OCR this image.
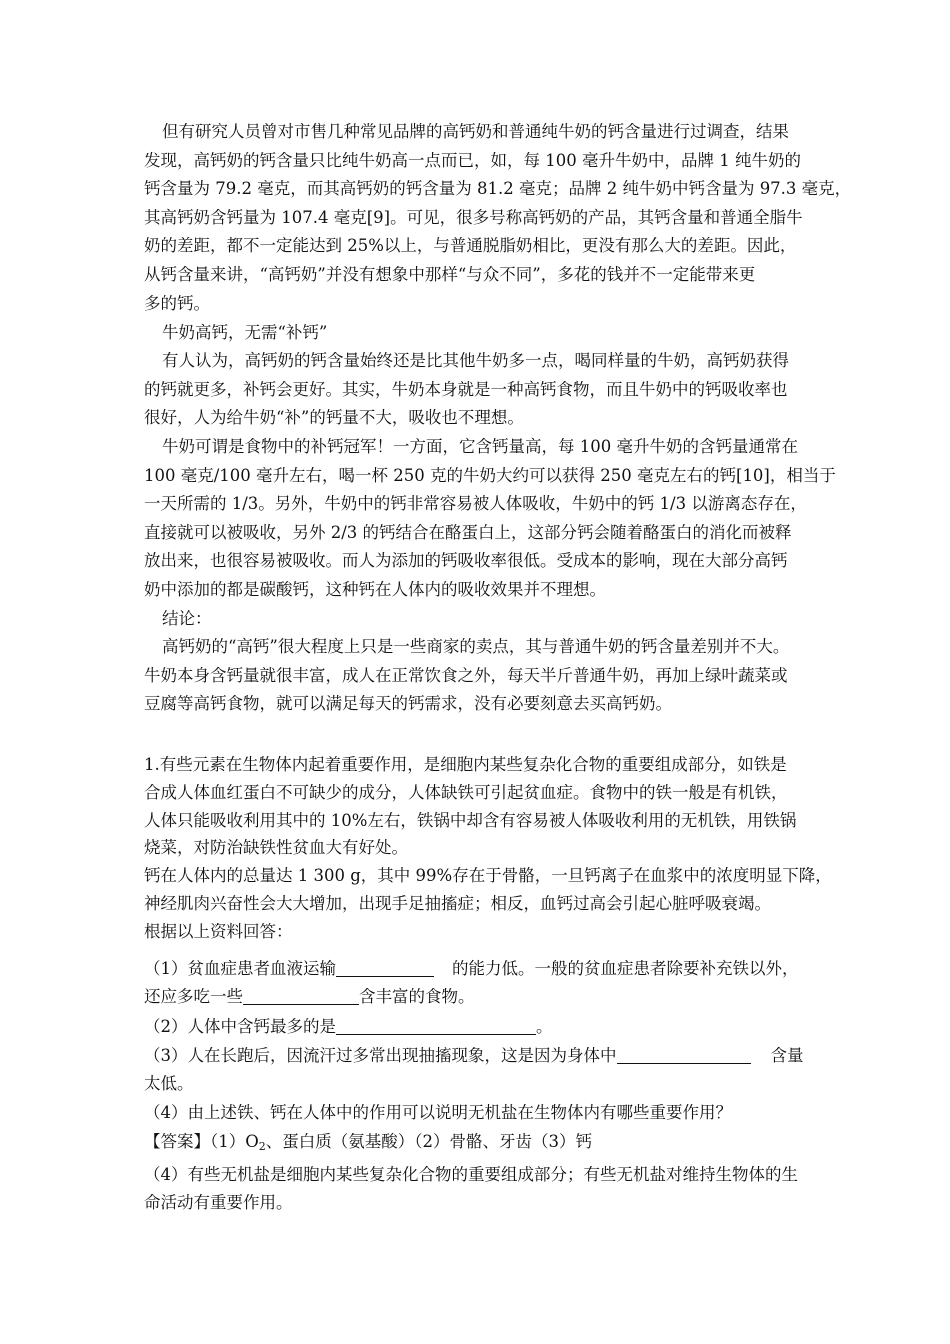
但有研究人员曾对市售几种常见品牌的高钙奶和普通纯牛奶的钙含量进行过调查，结果
发现，高钙奶的钙含量只比纯牛奶高一点而已，如，每 100 毫升牛奶中，品牌 1 纯牛奶的
钙含量为 79.2 毫克，而其高钙奶的钙含量为 81.2 毫克；品牌 2 纯牛奶中钙含量为 97.3 毫克，
其高钙奶含钙量为 107.4 毫克[9]。可见，很多号称高钙奶的产品，其钙含量和普通全脂牛
奶的差距，都不一定能达到 25%以上，与普通脱脂奶相比，更没有那么大的差距。因此，
从钙含量来讲，“高钙奶”并没有想象中那样“与众不同”，多花的钱并不一定能带来更
多的钙。
牛奶高钙，无需“补钙”
有人认为，高钙奶的钙含量始终还是比其他牛奶多一点，喝同样量的牛奶，高钙奶获得
的钙就更多，补钙会更好。其实，牛奶本身就是一种高钙食物，而且牛奶中的钙吸收率也
很好，人为给牛奶“补”的钙量不大，吸收也不理想。
牛奶可谓是食物中的补钙冠军！一方面，它含钙量高，每 100 毫升牛奶的含钙量通常在
100 毫克/100 毫升左右，喝一杯 250 克的牛奶大约可以获得 250 毫克左右的钙[10]，相当于
一天所需的 1/3。另外，牛奶中的钙非常容易被人体吸收，牛奶中的钙 1/3 以游离态存在，
直接就可以被吸收，另外 2/3 的钙结合在酪蛋白上，这部分钙会随着酪蛋白的消化而被释
放出来，也很容易被吸收。而人为添加的钙吸收率很低。受成本的影响，现在大部分高钙
奶中添加的都是碳酸钙，这种钙在人体内的吸收效果并不理想。
结论：
高钙奶的“高钙”很大程度上只是一些商家的卖点，其与普通牛奶的钙含量差别并不大。
牛奶本身含钙量就很丰富，成人在正常饮食之外，每天半斤普通牛奶，再加上绿叶蔬菜或
豆腐等高钙食物，就可以满足每天的钙需求，没有必要刻意去买高钙奶。
1.有些元素在生物体内起着重要作用，是细胞内某些复杂化合物的重要组成部分，如铁是
合成人体血红蛋白不可缺少的成分，人体缺铁可引起贫血症。食物中的铁一般是有机铁，
人体只能吸收利用其中的 10%左右，铁锅中却含有容易被人体吸收利用的无机铁，用铁锅
烧菜，对防治缺铁性贫血大有好处。
钙在人体内的总量达 1 300 g，其中 99%存在于骨骼，一旦钙离子在血浆中的浓度明显下降，
神经肌肉兴奋性会大大增加，出现手足抽搐症；相反，血钙过高会引起心脏呼吸衰竭。
根据以上资料回答：
（1）贫血症患者血液运输	的能力低。一般的贫血症患者除要补充铁以外，
还应多吃一些	含丰富的食物。
（2）人体中含钙最多的是	。
（3）人在长跑后，因流汗过多常出现抽搐现象，这是因为身体中	含量
太低。
（4）由上述铁、钙在人体中的作用可以说明无机盐在生物体内有哪些重要作用？
【答案】$(1)O_2$、蛋白质（氨基酸）（2）骨骼、牙齿（3）钙
（4）有些无机盐是细胞内某些复杂化合物的重要组成部分；有些无机盐对维持生物体的生
命活动有重要作用。
